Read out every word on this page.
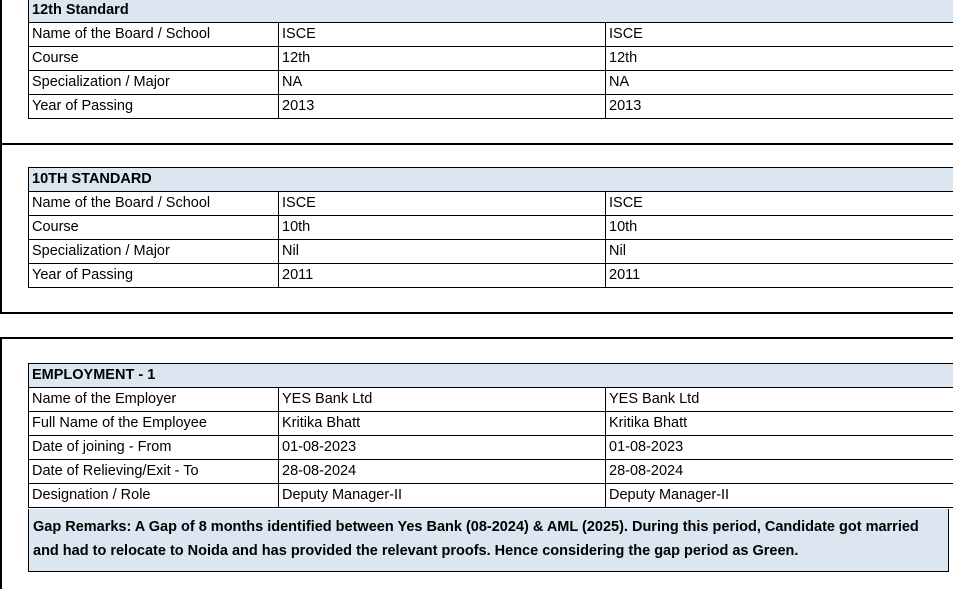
12th Standard		
Name of the Board / School	ISCE	ISCE
Course	12th	12th
Specialization / Major	NA	NA
Year of Passing	2013	2013
10TH STANDARD		
Name of the Board / School	ISCE	ISCE
Course	10th	10th
Specialization / Major	Nil	Nil
Year of Passing	2011	2011
EMPLOYMENT - 1		
Name of the Employer	YES Bank Ltd	YES Bank Ltd
Full Name of the Employee	Kritika Bhatt	Kritika Bhatt
Date of joining - From	01-08-2023	01-08-2023
Date of Relieving/Exit - To	28-08-2024	28-08-2024
Designation / Role	Deputy Manager-II	Deputy Manager-II
Gap Remarks: A Gap of 8 months identified between Yes Bank (08-2024) & AML (2025). During this period, Candidate got married and had to relocate to Noida and has provided the relevant proofs. Hence considering the gap period as Green.
